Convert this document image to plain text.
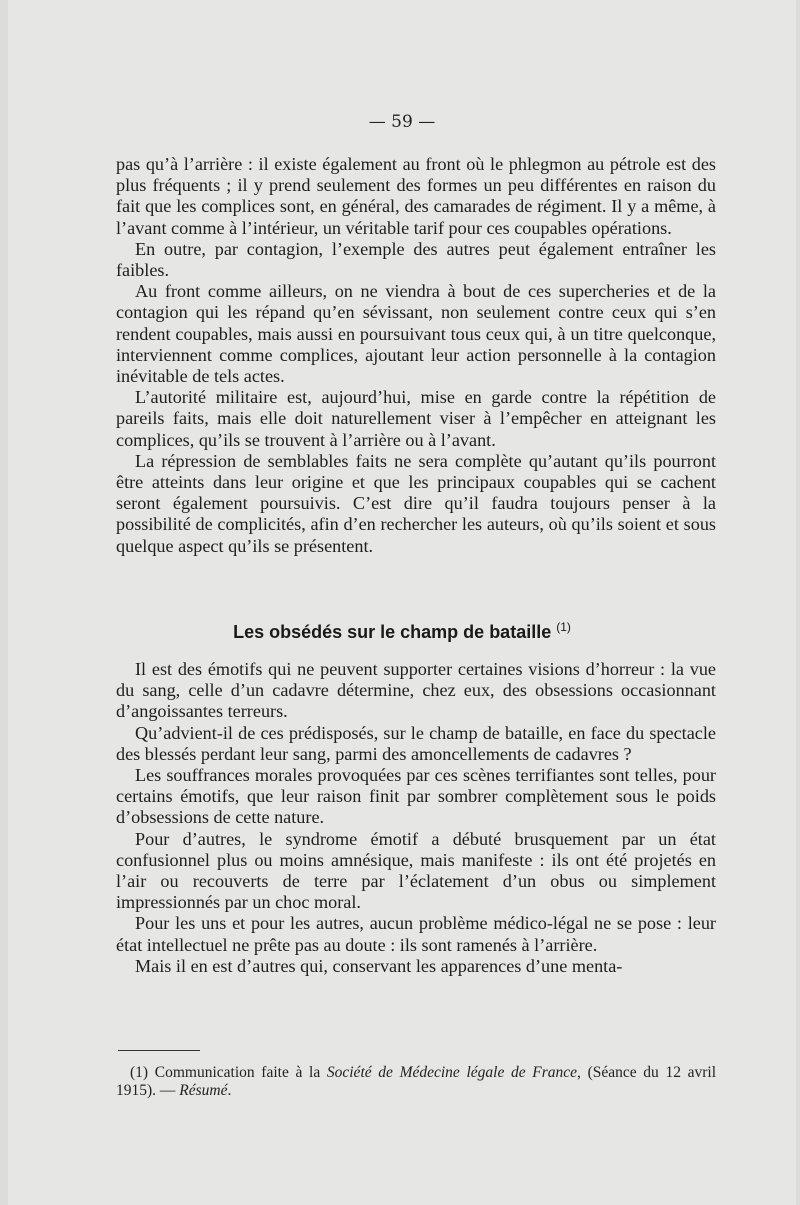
— 59 —

pas qu’à l’arrière : il existe également au front où le phlegmon au pétrole est des plus fréquents ; il y prend seulement des formes un peu différentes en raison du fait que les complices sont, en général, des camarades de régiment. Il y a même, à l’avant comme à l’intérieur, un véritable tarif pour ces coupables opérations.

En outre, par contagion, l’exemple des autres peut également entraîner les faibles.

Au front comme ailleurs, on ne viendra à bout de ces supercheries et de la contagion qui les répand qu’en sévissant, non seulement contre ceux qui s’en rendent coupables, mais aussi en poursuivant tous ceux qui, à un titre quelconque, interviennent comme complices, ajoutant leur action personnelle à la contagion inévitable de tels actes.

L’autorité militaire est, aujourd’hui, mise en garde contre la répétition de pareils faits, mais elle doit naturellement viser à l’empêcher en atteignant les complices, qu’ils se trouvent à l’arrière ou à l’avant.

La répression de semblables faits ne sera complète qu’autant qu’ils pourront être atteints dans leur origine et que les principaux coupables qui se cachent seront également poursuivis. C’est dire qu’il faudra toujours penser à la possibilité de complicités, afin d’en rechercher les auteurs, où qu’ils soient et sous quelque aspect qu’ils se présentent.

Les obsédés sur le champ de bataille $^{(1)}$

Il est des émotifs qui ne peuvent supporter certaines visions d’horreur : la vue du sang, celle d’un cadavre détermine, chez eux, des obsessions occasionnant d’angoissantes terreurs.

Qu’advient-il de ces prédisposés, sur le champ de bataille, en face du spectacle des blessés perdant leur sang, parmi des amoncellements de cadavres ?

Les souffrances morales provoquées par ces scènes terrifiantes sont telles, pour certains émotifs, que leur raison finit par sombrer complètement sous le poids d’obsessions de cette nature.

Pour d’autres, le syndrome émotif a débuté brusquement par un état confusionnel plus ou moins amnésique, mais manifeste : ils ont été projetés en l’air ou recouverts de terre par l’éclatement d’un obus ou simplement impressionnés par un choc moral.

Pour les uns et pour les autres, aucun problème médico-légal ne se pose : leur état intellectuel ne prête pas au doute : ils sont ramenés à l’arrière.

Mais il en est d’autres qui, conservant les apparences d’une menta-

(1) Communication faite à la Société de Médecine légale de France, (Séance du 12 avril 1915). — Résumé.
